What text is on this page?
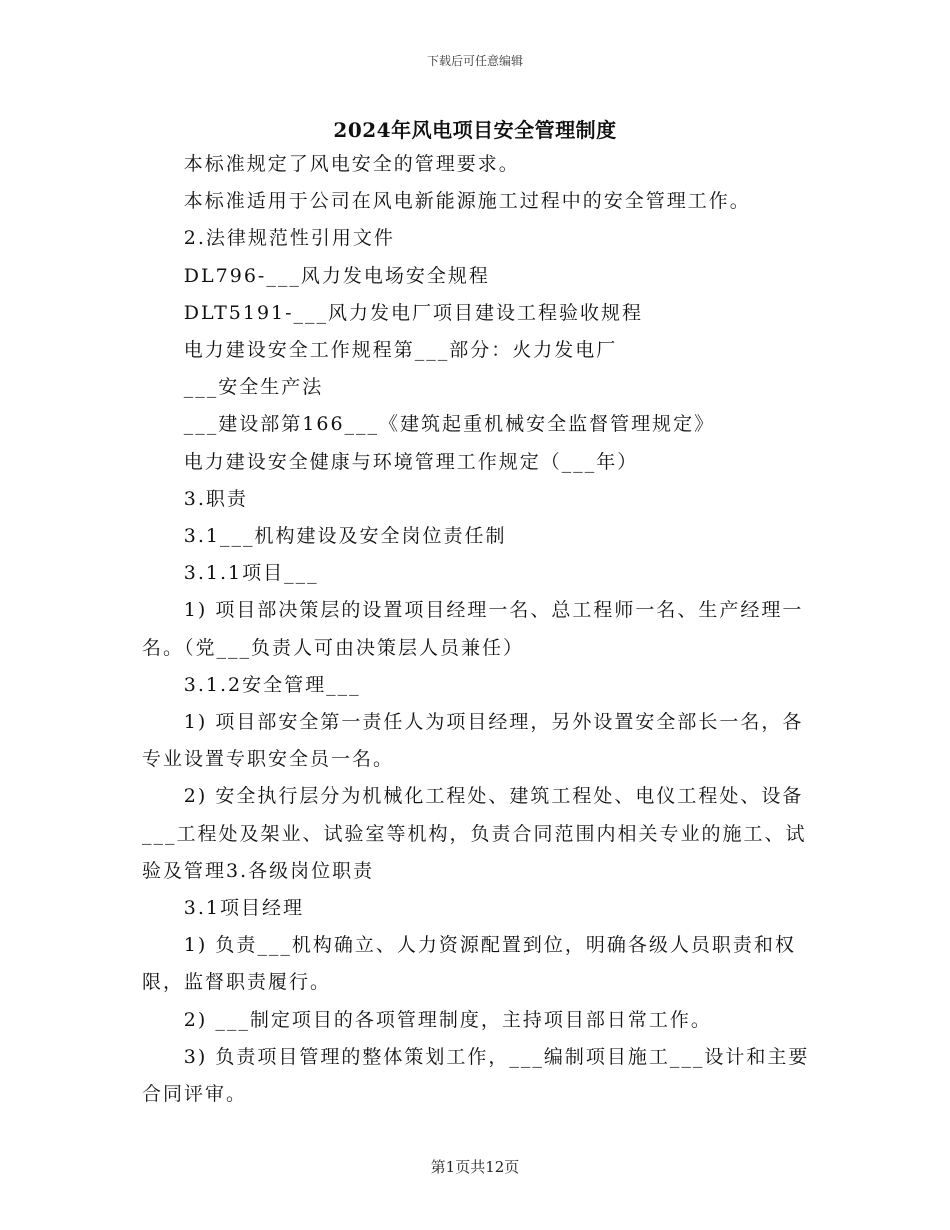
下载后可任意编辑
2024年风电项目安全管理制度

本标准规定了风电安全的管理要求。

本标准适用于公司在风电新能源施工过程中的安全管理工作。

2.法律规范性引用文件

DL796-___风力发电场安全规程

DLT5191-___风力发电厂项目建设工程验收规程

电力建设安全工作规程第___部分：火力发电厂

___安全生产法

___建设部第166___《建筑起重机械安全监督管理规定》

电力建设安全健康与环境管理工作规定（___年）

3.职责

3.1___机构建设及安全岗位责任制

3.1.1项目___

1) 项目部决策层的设置项目经理一名、总工程师一名、生产经理一名。（党___负责人可由决策层人员兼任）

3.1.2安全管理___

1) 项目部安全第一责任人为项目经理，另外设置安全部长一名，各专业设置专职安全员一名。

2) 安全执行层分为机械化工程处、建筑工程处、电仪工程处、设备___工程处及架业、试验室等机构，负责合同范围内相关专业的施工、试验及管理3.各级岗位职责

3.1项目经理

1) 负责___机构确立、人力资源配置到位，明确各级人员职责和权限，监督职责履行。

2) ___制定项目的各项管理制度，主持项目部日常工作。

3) 负责项目管理的整体策划工作，___编制项目施工___设计和主要合同评审。

第1页共12页
